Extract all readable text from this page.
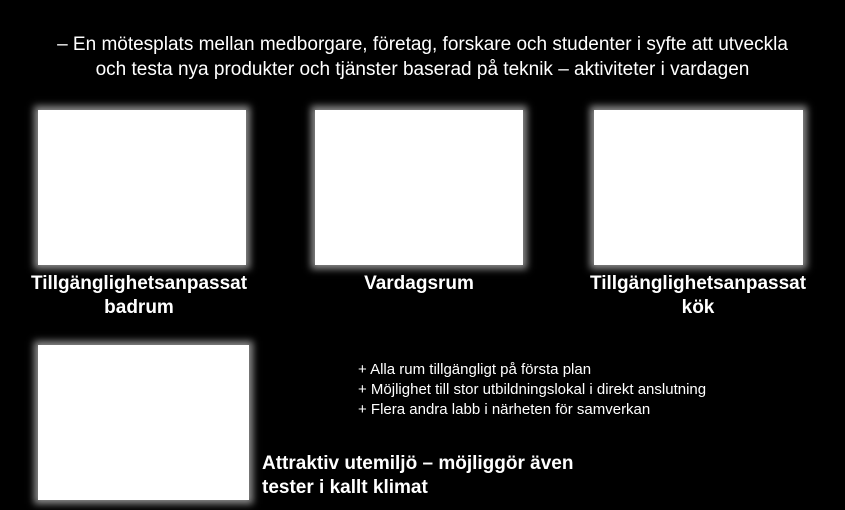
– En mötesplats mellan medborgare, företag, forskare och studenter i syfte att utveckla
och testa nya produkter och tjänster baserad på teknik – aktiviteter i vardagen
Tillgänglighetsanpassat
badrum
Vardagsrum	Tillgänglighetsanpassat
kök
+ Alla rum tillgängligt på första plan
+ Möjlighet till stor utbildningslokal i direkt anslutning
+ Flera andra labb i närheten för samverkan
Attraktiv utemiljö – möjliggör även
tester i kallt klimat
